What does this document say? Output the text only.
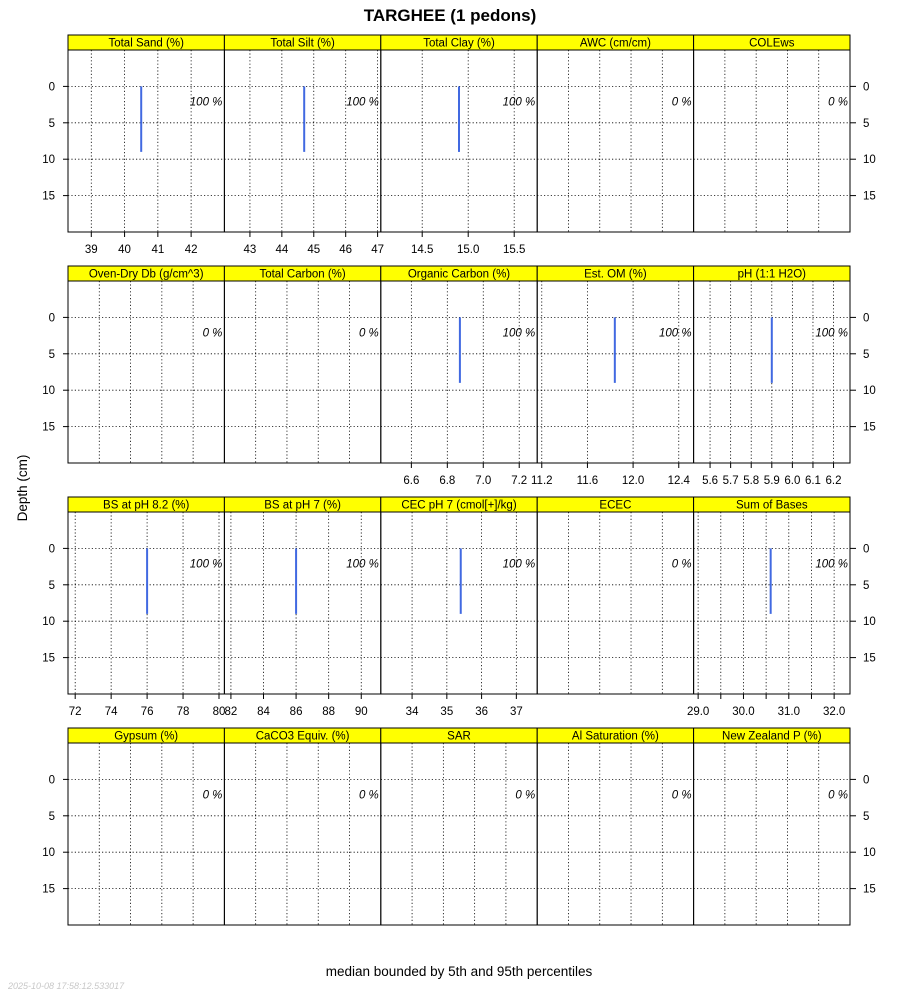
TARGHEE (1 pedons)
Depth (cm)
median bounded by 5th and 95th percentiles
2025-10-08 17:58:12.533017
Total Sand (%)
100 %
39 40 41 42
Total Silt (%)
100 %
43 44 45 46 47
Total Clay (%)
100 %
14.5 15.0 15.5
AWC (cm/cm)
0 %
COLEws
0 %
Oven-Dry Db (g/cm^3)
0 %
Total Carbon (%)
0 %
Organic Carbon (%)
100 %
6.6 6.8 7.0 7.2
Est. OM (%)
100 %
11.2 11.6 12.0 12.4
pH (1:1 H2O)
100 %
5.6 5.7 5.8 5.9 6.0 6.1 6.2
BS at pH 8.2 (%)
100 %
72 74 76 78 80
BS at pH 7 (%)
100 %
82 84 86 88 90
CEC pH 7 (cmol[+]/kg)
100 %
34 35 36 37
ECEC
0 %
Sum of Bases
100 %
29.0 30.0 31.0 32.0
Gypsum (%)
0 %
CaCO3 Equiv. (%)
0 %
SAR
0 %
Al Saturation (%)
0 %
New Zealand P (%)
0 %
0	0
5	5
10	10
15	15
0	0
5	5
10	10
15	15
0	0
5	5
10	10
15	15
0	0
5	5
10	10
15	15
